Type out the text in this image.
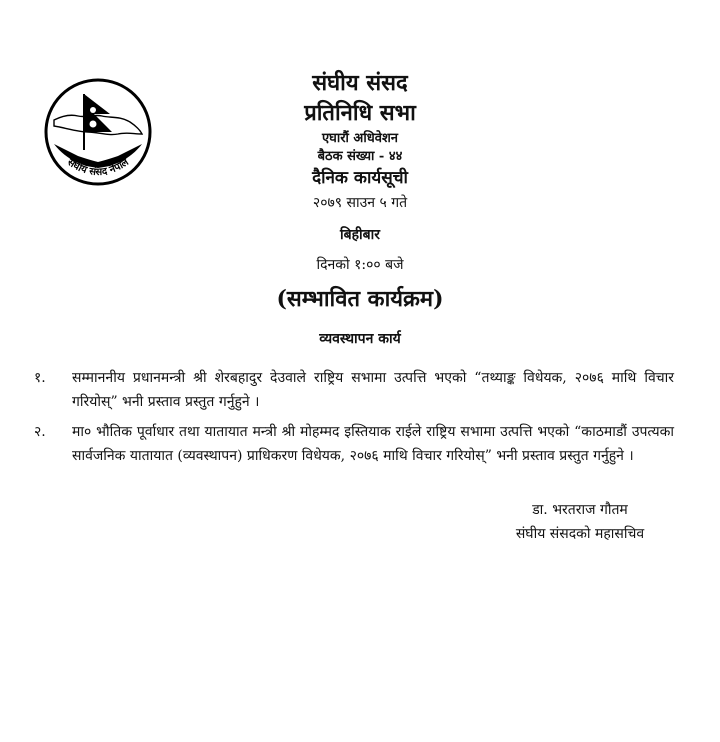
संघीय संसद नेपाल
संघीय संसद
प्रतिनिधि सभा
एघारौं अधिवेशन
बैठक संख्या - ४४
दैनिक कार्यसूची
२०७९ साउन ५ गते
बिहीबार
दिनको १:०० बजे
(सम्भावित कार्यक्रम)
व्यवस्थापन कार्य
१. सम्माननीय प्रधानमन्त्री श्री शेरबहादुर देउवाले राष्ट्रिय सभामा उत्पत्ति भएको “तथ्याङ्क विधेयक, २०७६ माथि विचार गरियोस्” भनी प्रस्ताव प्रस्तुत गर्नुहुने ।
२. मा० भौतिक पूर्वाधार तथा यातायात मन्त्री श्री मोहम्मद इस्तियाक राईले राष्ट्रिय सभामा उत्पत्ति भएको “काठमाडौं उपत्यका सार्वजनिक यातायात (व्यवस्थापन) प्राधिकरण विधेयक, २०७६ माथि विचार गरियोस्” भनी प्रस्ताव प्रस्तुत गर्नुहुने ।
डा. भरतराज गौतम
संघीय संसदको महासचिव
